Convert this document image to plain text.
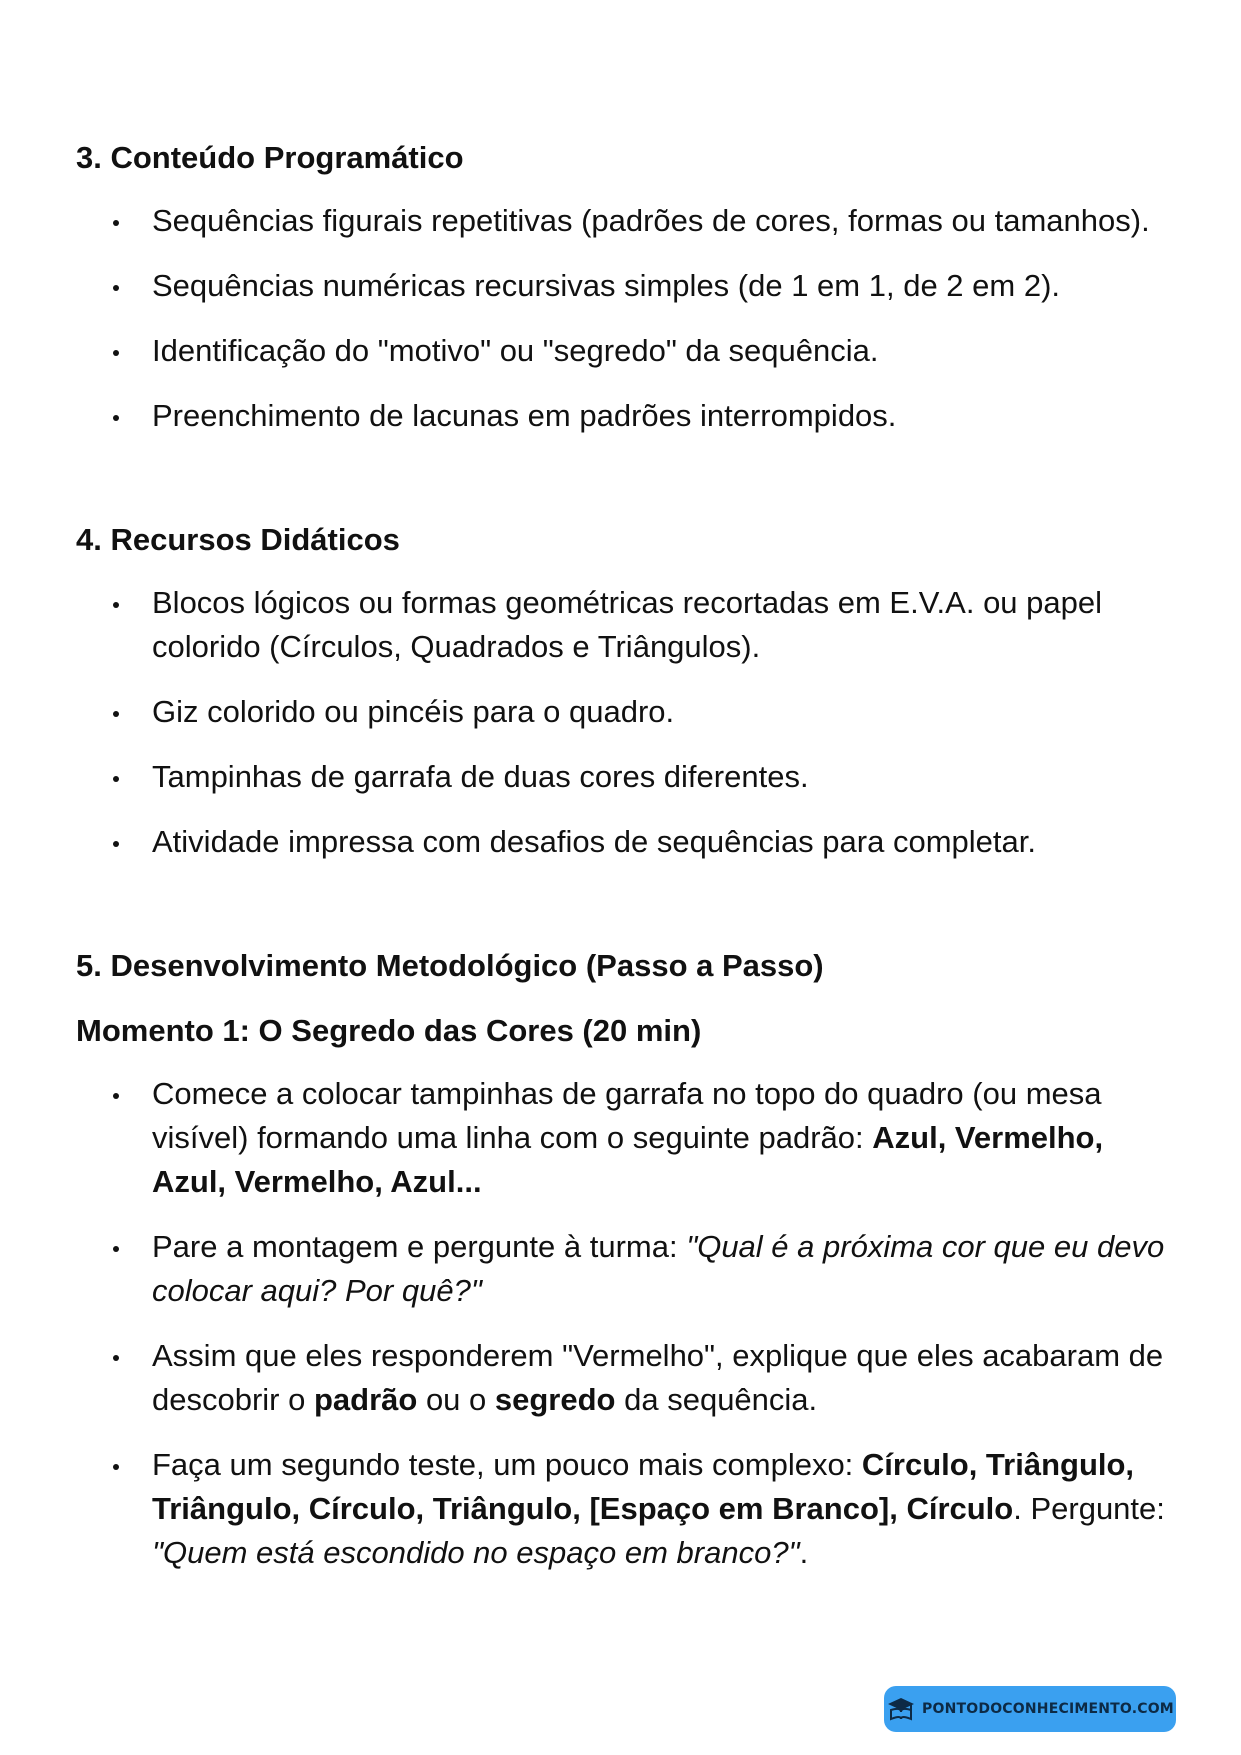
3. Conteúdo Programático
Sequências figurais repetitivas (padrões de cores, formas ou tamanhos).
Sequências numéricas recursivas simples (de 1 em 1, de 2 em 2).
Identificação do "motivo" ou "segredo" da sequência.
Preenchimento de lacunas em padrões interrompidos.
4. Recursos Didáticos
Blocos lógicos ou formas geométricas recortadas em E.V.A. ou papel colorido (Círculos, Quadrados e Triângulos).
Giz colorido ou pincéis para o quadro.
Tampinhas de garrafa de duas cores diferentes.
Atividade impressa com desafios de sequências para completar.
5. Desenvolvimento Metodológico (Passo a Passo)
Momento 1: O Segredo das Cores (20 min)
Comece a colocar tampinhas de garrafa no topo do quadro (ou mesa visível) formando uma linha com o seguinte padrão: Azul, Vermelho, Azul, Vermelho, Azul...
Pare a montagem e pergunte à turma: "Qual é a próxima cor que eu devo colocar aqui? Por quê?"
Assim que eles responderem "Vermelho", explique que eles acabaram de descobrir o padrão ou o segredo da sequência.
Faça um segundo teste, um pouco mais complexo: Círculo, Triângulo, Triângulo, Círculo, Triângulo, [Espaço em Branco], Círculo. Pergunte: "Quem está escondido no espaço em branco?".
PONTODOCONHECIMENTO.COM
